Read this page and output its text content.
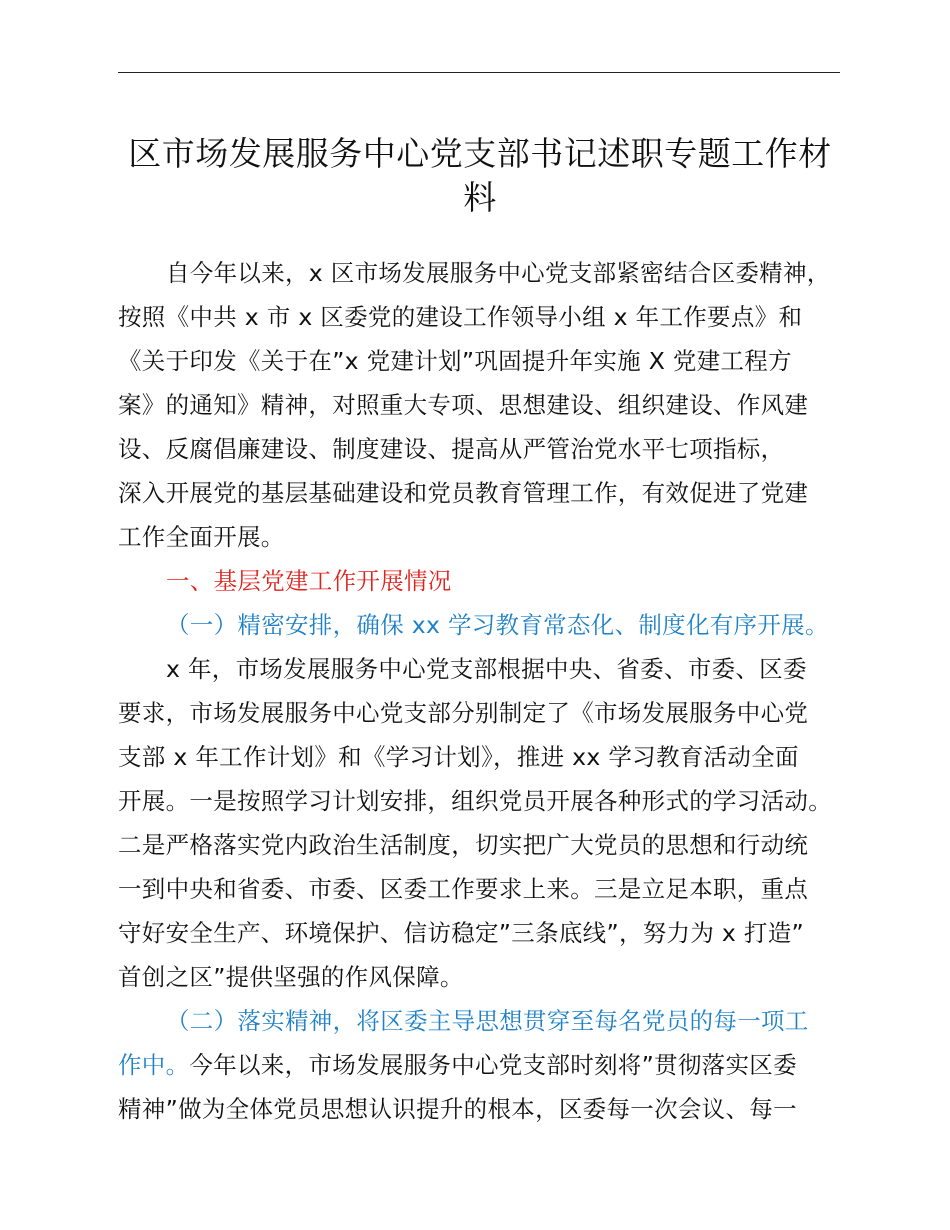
区市场发展服务中心党支部书记述职专题工作材
料
自今年以来，x 区市场发展服务中心党支部紧密结合区委精神，
按照《中共 x 市 x 区委党的建设工作领导小组 x 年工作要点》和
《关于印发《关于在”x 党建计划”巩固提升年实施 X 党建工程方
案》的通知》精神，对照重大专项、思想建设、组织建设、作风建
设、反腐倡廉建设、制度建设、提高从严管治党水平七项指标，
深入开展党的基层基础建设和党员教育管理工作，有效促进了党建
工作全面开展。
一、基层党建工作开展情况
（一）精密安排，确保 xx 学习教育常态化、制度化有序开展。
x 年，市场发展服务中心党支部根据中央、省委、市委、区委
要求，市场发展服务中心党支部分别制定了《市场发展服务中心党
支部 x 年工作计划》和《学习计划》，推进 xx 学习教育活动全面
开展。一是按照学习计划安排，组织党员开展各种形式的学习活动。
二是严格落实党内政治生活制度，切实把广大党员的思想和行动统
一到中央和省委、市委、区委工作要求上来。三是立足本职，重点
守好安全生产、环境保护、信访稳定”三条底线”，努力为 x 打造”
首创之区”提供坚强的作风保障。
（二）落实精神，将区委主导思想贯穿至每名党员的每一项工
作中。今年以来，市场发展服务中心党支部时刻将”贯彻落实区委
精神”做为全体党员思想认识提升的根本，区委每一次会议、每一
